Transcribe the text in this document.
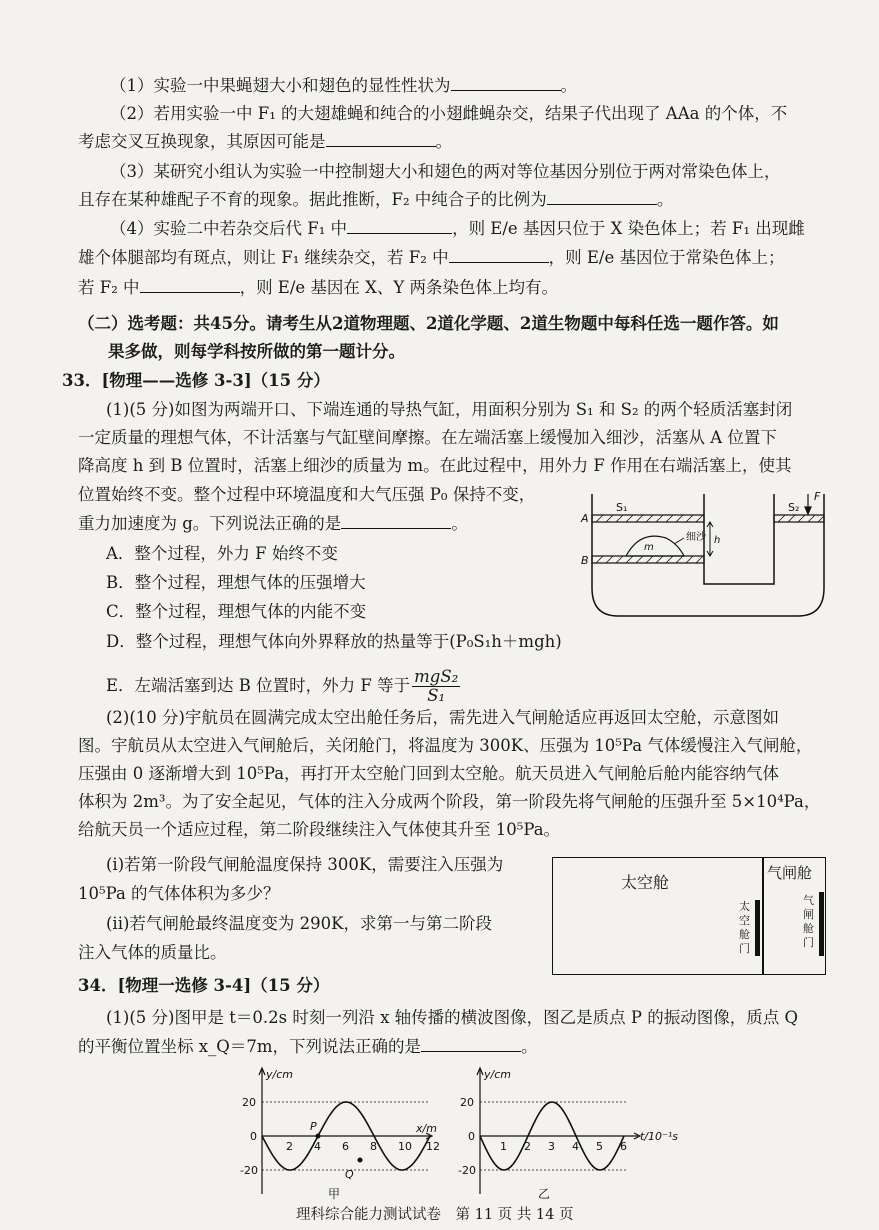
（1）实验一中果蝇翅大小和翅色的显性性状为	。
（2）若用实验一中 F₁ 的大翅雄蝇和纯合的小翅雌蝇杂交，结果子代出现了 AAa 的个体，不
考虑交叉互换现象，其原因可能是	。
（3）某研究小组认为实验一中控制翅大小和翅色的两对等位基因分别位于两对常染色体上，
且存在某种雄配子不育的现象。据此推断，F₂ 中纯合子的比例为	。
（4）实验二中若杂交后代 F₁ 中	，则 E/e 基因只位于 X 染色体上；若 F₁ 出现雌
雄个体腿部均有斑点，则让 F₁ 继续杂交，若 F₂ 中	，则 E/e 基因位于常染色体上；
若 F₂ 中	，则 E/e 基因在 X、Y 两条染色体上均有。
（二）选考题：共45分。请考生从2道物理题、2道化学题、2道生物题中每科任选一题作答。如
果多做，则每学科按所做的第一题计分。
33．[物理——选修 3-3]（15 分）
(1)(5 分)如图为两端开口、下端连通的导热气缸，用面积分别为 S₁ 和 S₂ 的两个轻质活塞封闭
一定质量的理想气体，不计活塞与气缸壁间摩擦。在左端活塞上缓慢加入细沙，活塞从 A 位置下
降高度 h 到 B 位置时，活塞上细沙的质量为 m。在此过程中，用外力 F 作用在右端活塞上，使其
位置始终不变。整个过程中环境温度和大气压强 P₀ 保持不变，
重力加速度为 g。下列说法正确的是	。
A．整个过程，外力 F 始终不变
B．整个过程，理想气体的压强增大
C．整个过程，理想气体的内能不变
D．整个过程，理想气体向外界释放的热量等于(P₀S₁h＋mgh)
E．左端活塞到达 B 位置时，外力 F 等于 $\frac{\text{mgS₂}}{\text{S₁}}$
S₁	S₂
F
A
B
h
细沙
m
(2)(10 分)宇航员在圆满完成太空出舱任务后，需先进入气闸舱适应再返回太空舱，示意图如
图。宇航员从太空进入气闸舱后，关闭舱门，将温度为 300K、压强为 10⁵Pa 气体缓慢注入气闸舱，
压强由 0 逐渐增大到 10⁵Pa，再打开太空舱门回到太空舱。航天员进入气闸舱后舱内能容纳气体
体积为 2m³。为了安全起见，气体的注入分成两个阶段，第一阶段先将气闸舱的压强升至 5×10⁴Pa，
给航天员一个适应过程，第二阶段继续注入气体使其升至 10⁵Pa。
(i)若第一阶段气闸舱温度保持 300K，需要注入压强为
10⁵Pa 的气体体积为多少？
(ii)若气闸舱最终温度变为 290K，求第一与第二阶段
注入气体的质量比。
太空舱	气闸舱
太空舱门
气闸舱门
34．[物理一选修 3-4]（15 分）
(1)(5 分)图甲是 t＝0.2s 时刻一列沿 x 轴传播的横波图像，图乙是质点 P 的振动图像，质点 Q
的平衡位置坐标 x_Q＝7m，下列说法正确的是	。
y/cm
x/m
20
0
-20
2 4 6 8 10 12
P
Q
甲
y/cm
t/10⁻¹s
20
0
-20
1 2 3 4 5 6
乙
理科综合能力测试试卷　第 11 页 共 14 页
